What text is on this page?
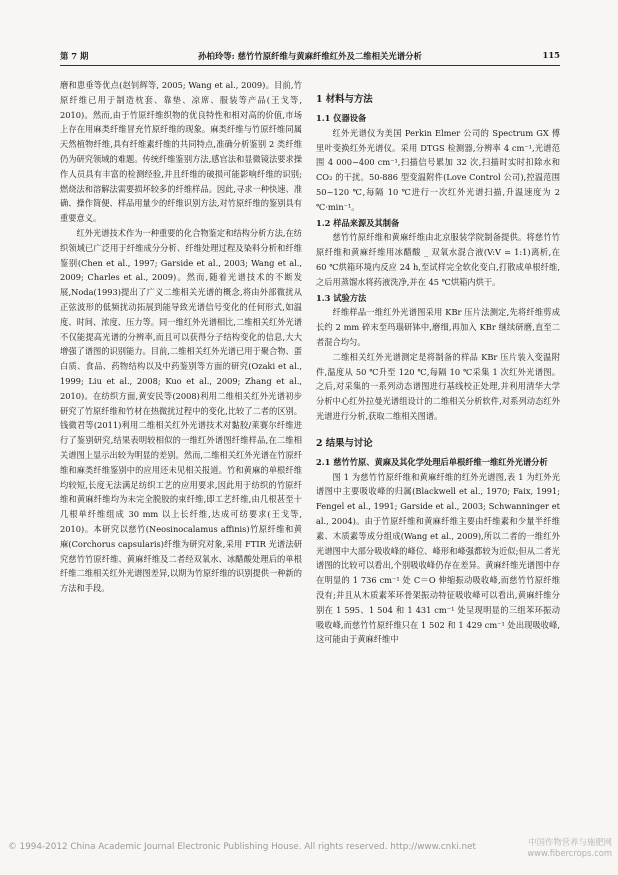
第 7 期	孙柏玲等: 慈竹竹原纤维与黄麻纤维红外及二维相关光谱分析	115

磨和患垂等优点(赵钊辉等, 2005; Wang et al., 2009)。目前,竹原纤维已用于制造枕套、靠垫、凉席、服装等产品(王戈等, 2010)。然而,由于竹原纤维织物的优良特性和相对高的价值,市场上存在用麻类纤维冒充竹原纤维的现象。麻类纤维与竹原纤维同属天然植物纤维,具有纤维素纤维的共同特点,准确分析鉴别 2 类纤维仍为研究领域的难题。传统纤维鉴别方法,感官法和显微镜法要求操作人员具有丰富的检测经验,并且纤维的破损可能影响纤维的识别;燃烧法和溶解法需要损坏较多的纤维样品。因此,寻求一种快速、准确、操作简便、样品用量少的纤维识别方法,对竹原纤维的鉴别具有重要意义。

红外光谱技术作为一种重要的化合物鉴定和结构分析方法,在纺织领域已广泛用于纤维成分分析、纤维处理过程及染料分析和纤维鉴别(Chen et al., 1997; Garside et al., 2003; Wang et al., 2009; Charles et al., 2009)。然而,随着光谱技术的不断发展,Noda(1993)提出了广义二维相关光谱的概念,将由外部微扰从正弦波形的低频扰动拓展到能导致光谱信号变化的任何形式,如温度、时间、浓度、压力等。同一维红外光谱相比,二维相关红外光谱不仅能提高光谱的分辨率,而且可以获得分子结构变化的信息,大大增强了谱图的识别能力。目前,二维相关红外光谱已用于聚合物、蛋白质、食品、药物结构以及中药鉴别等方面的研究(Ozaki et al., 1999; Liu et al., 2008; Kuo et al., 2009; Zhang et al., 2010)。在纺织方面,黄安民等(2008)利用二维相关红外光谱初步研究了竹原纤维和竹材在热微扰过程中的变化,比较了二者的区别。钱微君等(2011)利用二维相关红外光谱技术对黏胶/莱赛尔纤维进行了鉴别研究,结果表明较相似的一维红外谱图纤维样品,在二维相关谱图上显示出较为明显的差别。然而,二维相关红外光谱在竹原纤维和麻类纤维鉴别中的应用还未见相关报道。竹和黄麻的单根纤维均较短,长度无法满足纺织工艺的应用要求,因此用于纺织的竹原纤维和黄麻纤维均为未完全脱胶的束纤维,即工艺纤维,由几根甚至十几根单纤维组成 30 mm 以上长纤维,达成可纺要求(王戈等, 2010)。本研究以慈竹(Neosinocalamus affinis)竹原纤维和黄麻(Corchorus capsularis)纤维为研究对象,采用 FTIR 光谱法研究慈竹竹原纤维、黄麻纤维及二者经双氧水、冰醋酸处理后的单根纤维二维相关红外光谱图差异,以期为竹原纤维的识别提供一种新的方法和手段。

1 材料与方法
1.1 仪器设备

红外光谱仪为美国 Perkin Elmer 公司的 Spectrum GX 傅里叶变换红外光谱仪。采用 DTGS 检测器,分辨率 4 cm⁻¹,光谱范围 4 000~400 cm⁻¹,扫描信号累加 32 次,扫描时实时扣除水和 CO₂ 的干扰。50-886 型变温附件(Love Control 公司),控温范围 50~120 ℃,每隔 10 ℃进行一次红外光谱扫描,升温速度为 2 ℃·min⁻¹。

1.2 样品来源及其制备

慈竹竹原纤维和黄麻纤维由北京服装学院制备提供。将慈竹竹原纤维和黄麻纤维用冰醋酸 _ 双氧水混合液(V:V = 1:1)离析,在 60 ℃烘箱环境内反应 24 h,至试样完全软化变白,打散成单根纤维,之后用蒸馏水将药液洗净,并在 45 ℃烘箱内烘干。

1.3 试验方法

纤维样品一维红外光谱图采用 KBr 压片法测定,先将纤维剪成长约 2 mm 碎末至玛瑙研钵中,磨细,再加入 KBr 继续研磨,直至二者混合均匀。

二维相关红外光谱测定是将制备的样品 KBr 压片装入变温附件,温度从 50 ℃升至 120 ℃,每隔 10 ℃采集 1 次红外光谱图。之后,对采集的一系列动态谱图进行基线校正处理,并利用清华大学分析中心红外拉曼光谱组设计的二维相关分析软件,对系列动态红外光谱进行分析,获取二维相关图谱。

2 结果与讨论
2.1 慈竹竹原、黄麻及其化学处理后单根纤维一维红外光谱分析

图 1 为慈竹竹原纤维和黄麻纤维的红外光谱图,表 1 为红外光谱图中主要吸收峰的归属(Blackwell et al., 1970; Faix, 1991; Fengel et al., 1991; Garside et al., 2003; Schwanninger et al., 2004)。由于竹原纤维和黄麻纤维主要由纤维素和少量半纤维素、木质素等成分组成(Wang et al., 2009),所以二者的一维红外光谱图中大部分吸收峰的峰位、峰形和峰强都较为近似;但从二者光谱图的比较可以看出,个别吸收峰仍存在差异。黄麻纤维光谱图中存在明显的 1 736 cm⁻¹ 处 C＝O 伸缩振动吸收峰,而慈竹竹原纤维没有;并且从木质素苯环骨架振动特征吸收峰可以看出,黄麻纤维分别在 1 595、1 504 和 1 431 cm⁻¹ 处呈现明显的三组苯环振动吸收峰,而慈竹竹原纤维只在 1 502 和 1 429 cm⁻¹ 处出现吸收峰,这可能由于黄麻纤维中

© 1994-2012 China Academic Journal Electronic Publishing House. All rights reserved. http://www.cnki.net	中国作物营养与施肥网
www.fibercrops.com
